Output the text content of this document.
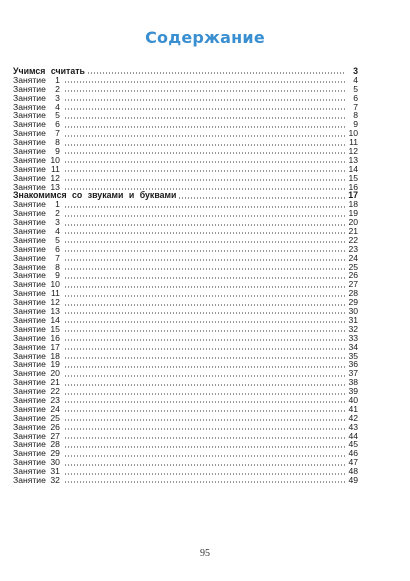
Содержание
Учимся считать	3
Занятие	1	4
Занятие	2	5
Занятие	3	6
Занятие	4	7
Занятие	5	8
Занятие	6	9
Занятие	7	10
Занятие	8	11
Занятие	9	12
Занятие 10	13
Занятие 11	14
Занятие 12	15
Занятие 13	16
Знакомимся со звуками и буквами	17
Занятие	1	18
Занятие	2	19
Занятие	3	20
Занятие	4	21
Занятие	5	22
Занятие	6	23
Занятие	7	24
Занятие	8	25
Занятие	9	26
Занятие 10	27
Занятие 11	28
Занятие 12	29
Занятие 13	30
Занятие 14	31
Занятие 15	32
Занятие 16	33
Занятие 17	34
Занятие 18	35
Занятие 19	36
Занятие 20	37
Занятие 21	38
Занятие 22	39
Занятие 23	40
Занятие 24	41
Занятие 25	42
Занятие 26	43
Занятие 27	44
Занятие 28	45
Занятие 29	46
Занятие 30	47
Занятие 31	48
Занятие 32	49
95
